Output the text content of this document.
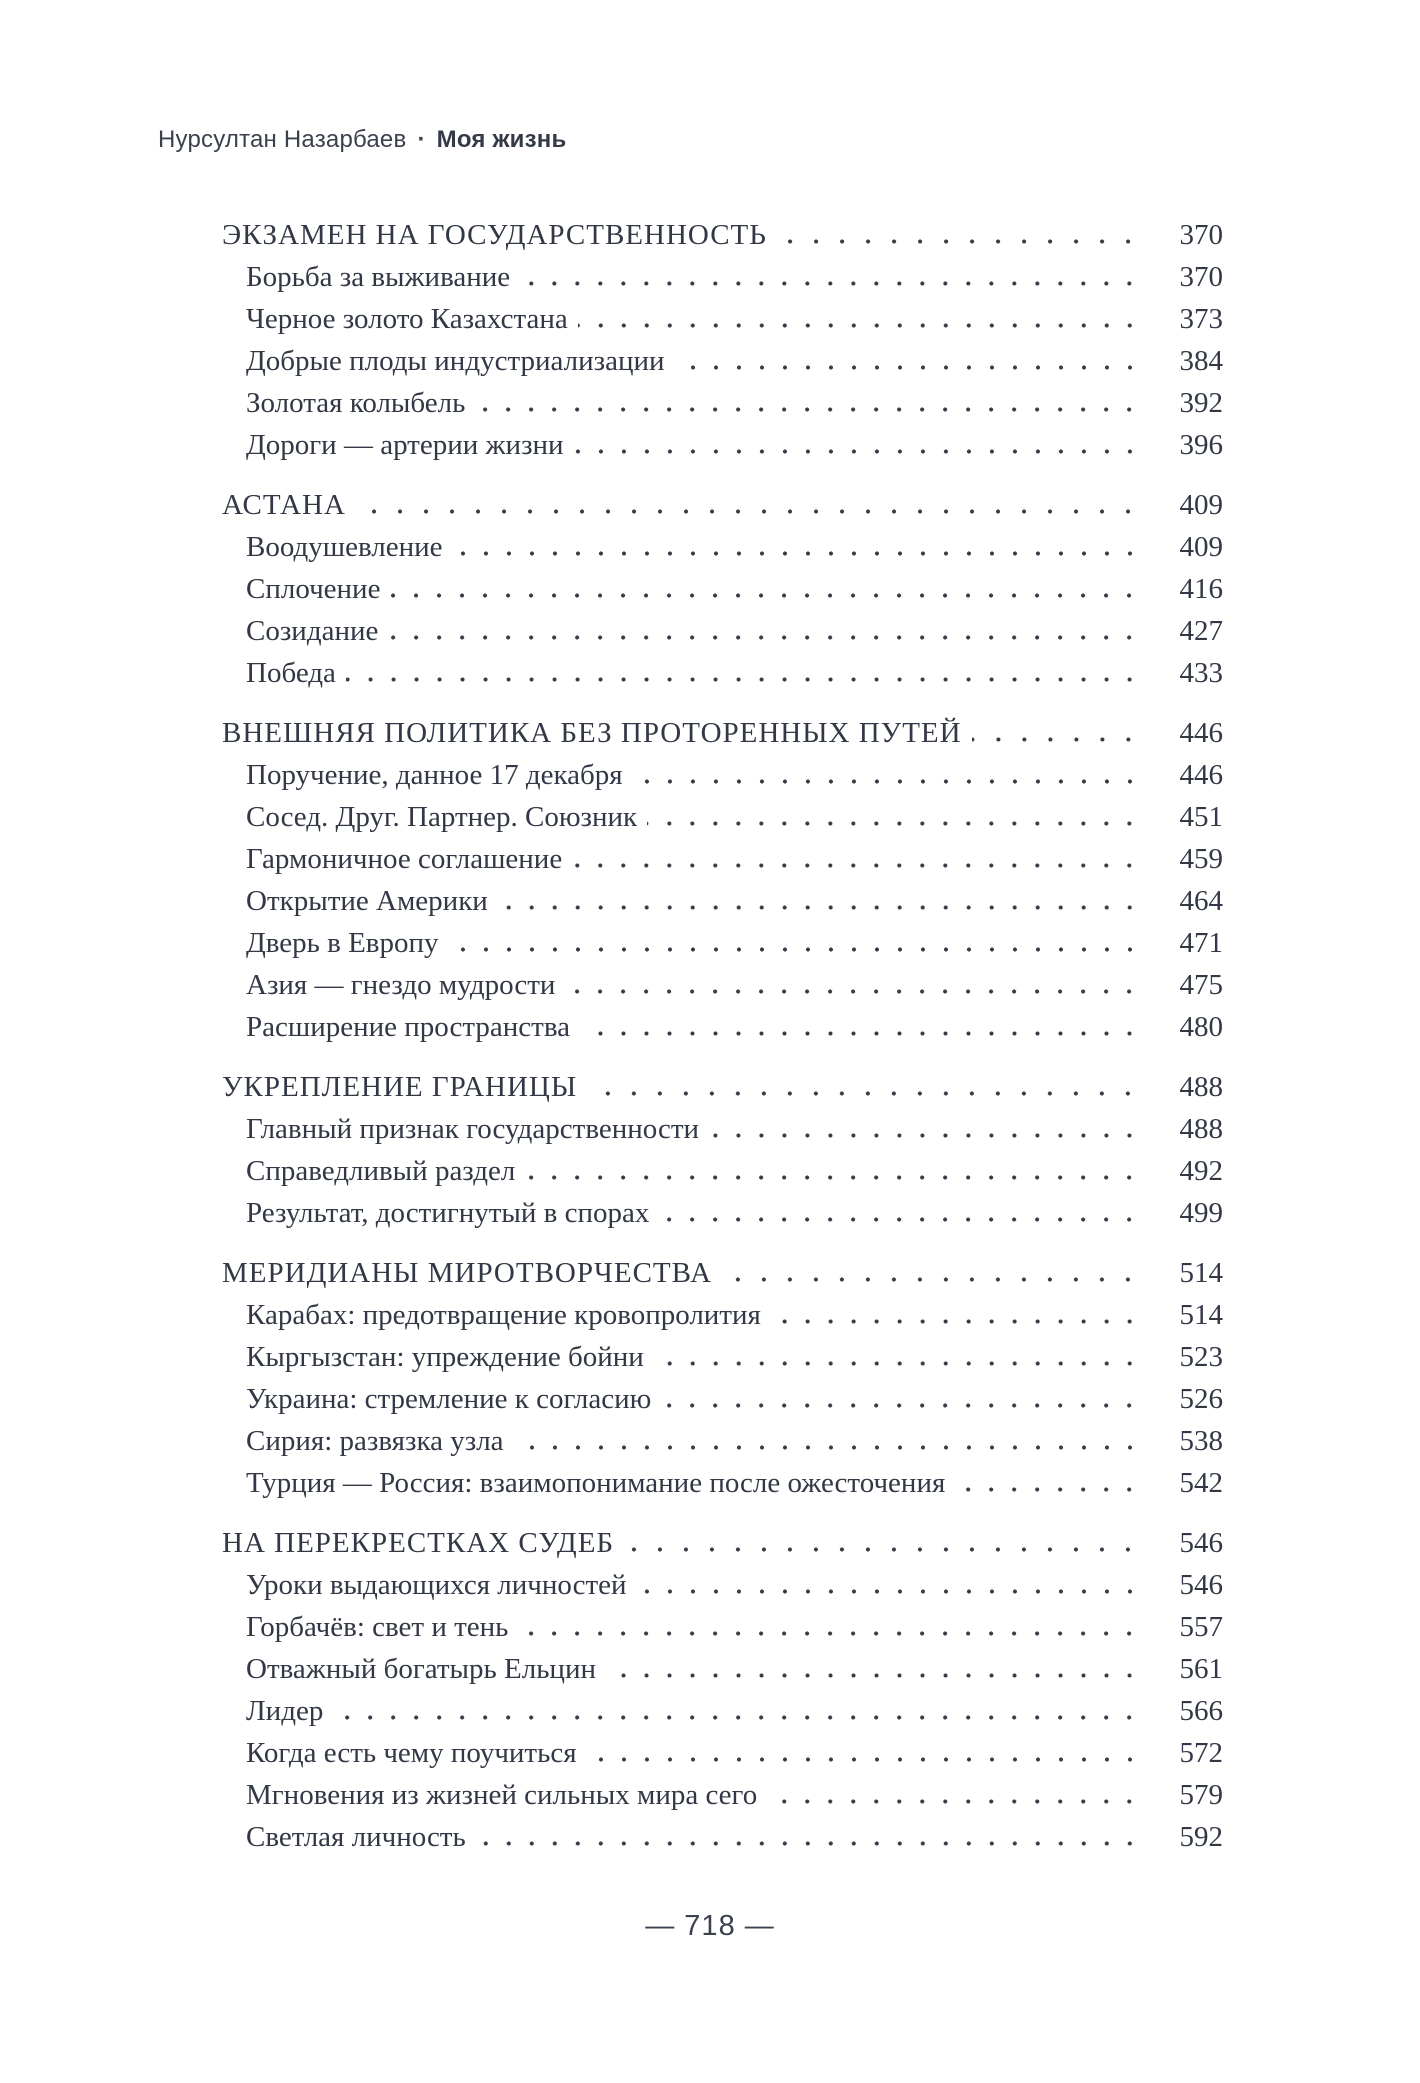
Нурсултан Назарбаев · Моя жизнь
ЭКЗАМЕН НА ГОСУДАРСТВЕННОСТЬ	370
Борьба за выживание	370
Черное золото Казахстана	373
Добрые плоды индустриализации	384
Золотая колыбель	392
Дороги — артерии жизни	396
АСТАНА	409
Воодушевление	409
Сплочение	416
Созидание	427
Победа	433
ВНЕШНЯЯ ПОЛИТИКА БЕЗ ПРОТОРЕННЫХ ПУТЕЙ	446
Поручение, данное 17 декабря	446
Сосед. Друг. Партнер. Союзник	451
Гармоничное соглашение	459
Открытие Америки	464
Дверь в Европу	471
Азия — гнездо мудрости	475
Расширение пространства	480
УКРЕПЛЕНИЕ ГРАНИЦЫ	488
Главный признак государственности	488
Справедливый раздел	492
Результат, достигнутый в спорах	499
МЕРИДИАНЫ МИРОТВОРЧЕСТВА	514
Карабах: предотвращение кровопролития	514
Кыргызстан: упреждение бойни	523
Украина: стремление к согласию	526
Сирия: развязка узла	538
Турция — Россия: взаимопонимание после ожесточения	542
НА ПЕРЕКРЕСТКАХ СУДЕБ	546
Уроки выдающихся личностей	546
Горбачёв: свет и тень	557
Отважный богатырь Ельцин	561
Лидер	566
Когда есть чему поучиться	572
Мгновения из жизней сильных мира сего	579
Светлая личность	592
— 718 —
